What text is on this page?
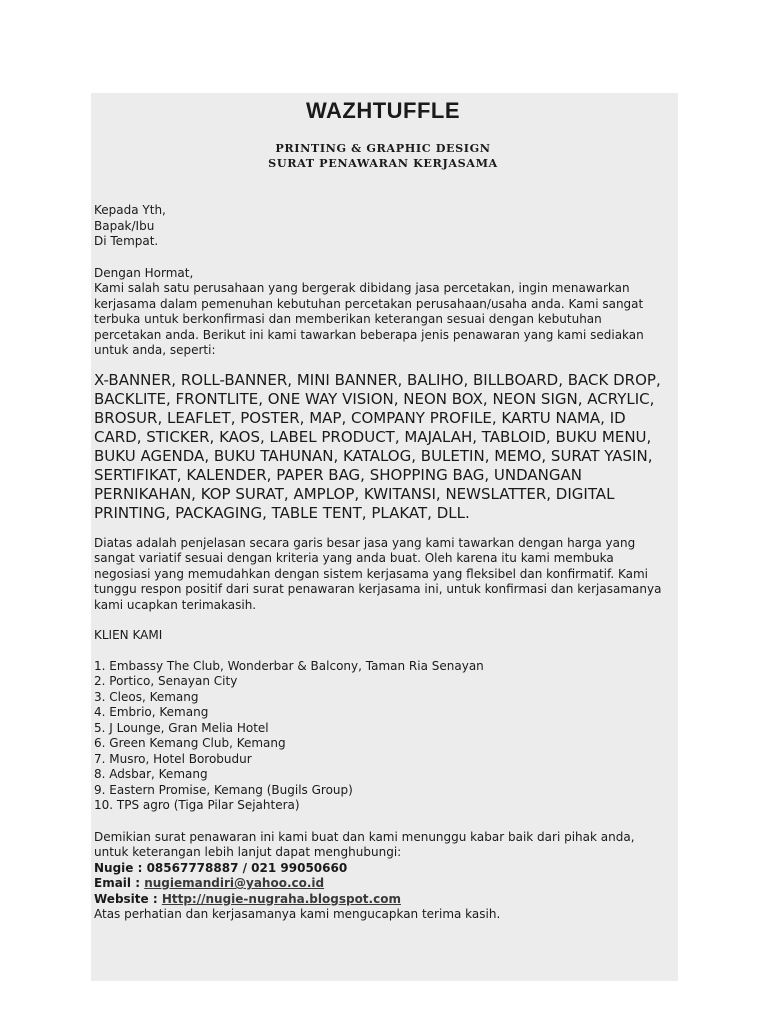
WAZHTUFFLE
PRINTING & GRAPHIC DESIGN
SURAT PENAWARAN KERJASAMA
Kepada Yth,
Bapak/Ibu
Di Tempat.
Dengan Hormat,

Kami salah satu perusahaan yang bergerak dibidang jasa percetakan, ingin menawarkan kerjasama dalam pemenuhan kebutuhan percetakan perusahaan/usaha anda. Kami sangat terbuka untuk berkonfirmasi dan memberikan keterangan sesuai dengan kebutuhan percetakan anda. Berikut ini kami tawarkan beberapa jenis penawaran yang kami sediakan untuk anda, seperti:

X-BANNER, ROLL-BANNER, MINI BANNER, BALIHO, BILLBOARD, BACK DROP, BACKLITE, FRONTLITE, ONE WAY VISION, NEON BOX, NEON SIGN, ACRYLIC, BROSUR, LEAFLET, POSTER, MAP, COMPANY PROFILE, KARTU NAMA, ID CARD, STICKER, KAOS, LABEL PRODUCT, MAJALAH, TABLOID, BUKU MENU, BUKU AGENDA, BUKU TAHUNAN, KATALOG, BULETIN, MEMO, SURAT YASIN, SERTIFIKAT, KALENDER, PAPER BAG, SHOPPING BAG, UNDANGAN PERNIKAHAN, KOP SURAT, AMPLOP, KWITANSI, NEWSLATTER, DIGITAL PRINTING, PACKAGING, TABLE TENT, PLAKAT, DLL.

Diatas adalah penjelasan secara garis besar jasa yang kami tawarkan dengan harga yang sangat variatif sesuai dengan kriteria yang anda buat. Oleh karena itu kami membuka negosiasi yang memudahkan dengan sistem kerjasama yang fleksibel dan konfirmatif. Kami tunggu respon positif dari surat penawaran kerjasama ini, untuk konfirmasi dan kerjasamanya kami ucapkan terimakasih.

KLIEN KAMI
1. Embassy The Club, Wonderbar & Balcony, Taman Ria Senayan
2. Portico, Senayan City
3. Cleos, Kemang
4. Embrio, Kemang
5. J Lounge, Gran Melia Hotel
6. Green Kemang Club, Kemang
7. Musro, Hotel Borobudur
8. Adsbar, Kemang
9. Eastern Promise, Kemang (Bugils Group)
10. TPS agro (Tiga Pilar Sejahtera)

Demikian surat penawaran ini kami buat dan kami menunggu kabar baik dari pihak anda, untuk keterangan lebih lanjut dapat menghubungi:

Nugie : 08567778887 / 021 99050660
Email : nugiemandiri@yahoo.co.id
Website : Http://nugie-nugraha.blogspot.com
Atas perhatian dan kerjasamanya kami mengucapkan terima kasih.
